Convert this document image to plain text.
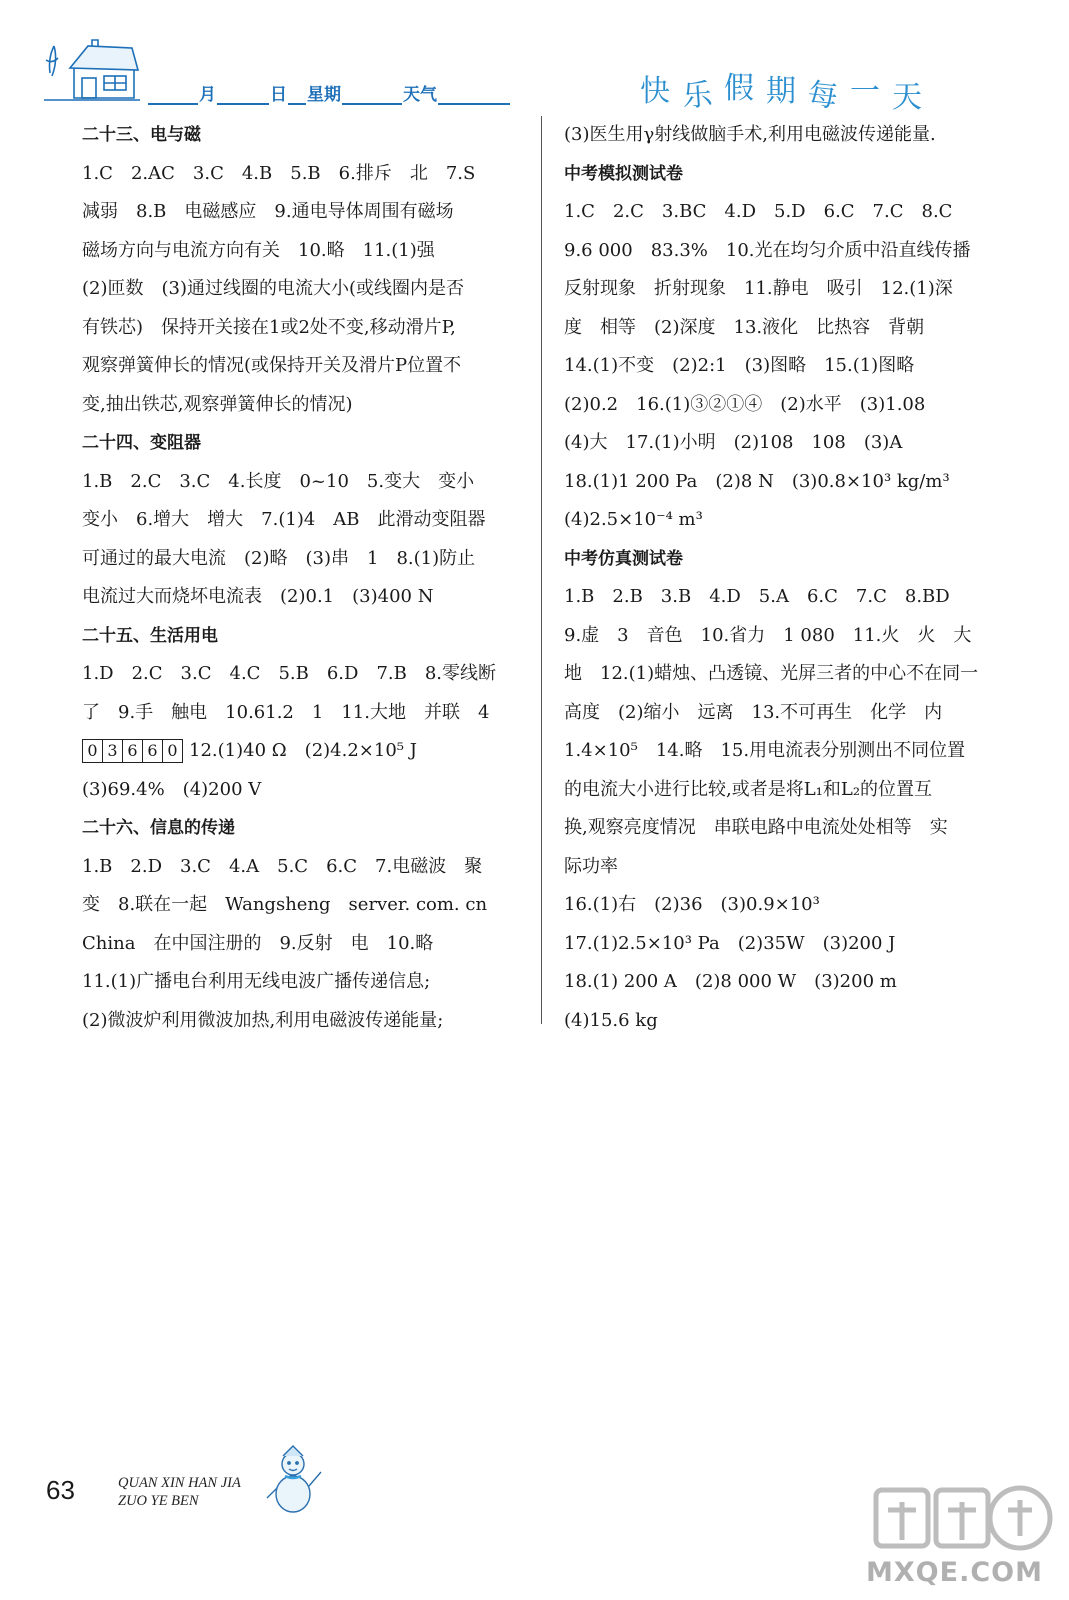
月	日 星期	天气	快乐假期每一天
二十三、电与磁
1.C　2.AC　3.C　4.B　5.B　6.排斥　北　7.S
减弱　8.B　电磁感应　9.通电导体周围有磁场
磁场方向与电流方向有关　10.略　11.(1)强
(2)匝数　(3)通过线圈的电流大小(或线圈内是否
有铁芯)　保持开关接在1或2处不变,移动滑片P,
观察弹簧伸长的情况(或保持开关及滑片P位置不
变,抽出铁芯,观察弹簧伸长的情况)
二十四、变阻器
1.B　2.C　3.C　4.长度　0~10　5.变大　变小
变小　6.增大　增大　7.(1)4　AB　此滑动变阻器
可通过的最大电流　(2)略　(3)串　1　8.(1)防止
电流过大而烧坏电流表　(2)0.1　(3)400 N
二十五、生活用电
1.D　2.C　3.C　4.C　5.B　6.D　7.B　8.零线断
了　9.手　触电　10.61.2　1　11.大地　并联　4
0 3 6 6 0 12.(1)40 Ω　(2)4.2×10⁵ J
(3)69.4%　(4)200 V
二十六、信息的传递
1.B　2.D　3.C　4.A　5.C　6.C　7.电磁波　聚
变　8.联在一起　Wangsheng　server. com. cn
China　在中国注册的　9.反射　电　10.略
11.(1)广播电台利用无线电波广播传递信息;
(2)微波炉利用微波加热,利用电磁波传递能量;
(3)医生用γ射线做脑手术,利用电磁波传递能量.
中考模拟测试卷
1.C　2.C　3.BC　4.D　5.D　6.C　7.C　8.C
9.6 000　83.3%　10.光在均匀介质中沿直线传播
反射现象　折射现象　11.静电　吸引　12.(1)深
度　相等　(2)深度　13.液化　比热容　背朝
14.(1)不变　(2)2:1　(3)图略　15.(1)图略
(2)0.2　16.(1)③②①④　(2)水平　(3)1.08
(4)大　17.(1)小明　(2)108　108　(3)A
18.(1)1 200 Pa　(2)8 N　(3)0.8×10³ kg/m³
(4)2.5×10⁻⁴ m³
中考仿真测试卷
1.B　2.B　3.B　4.D　5.A　6.C　7.C　8.BD
9.虚　3　音色　10.省力　1 080　11.火　火　大
地　12.(1)蜡烛、凸透镜、光屏三者的中心不在同一
高度　(2)缩小　远离　13.不可再生　化学　内
1.4×10⁵　14.略　15.用电流表分别测出不同位置
的电流大小进行比较,或者是将L₁和L₂的位置互
换,观察亮度情况　串联电路中电流处处相等　实
际功率
16.(1)右　(2)36　(3)0.9×10³
17.(1)2.5×10³ Pa　(2)35W　(3)200 J
18.(1) 200 A　(2)8 000 W　(3)200 m
(4)15.6 kg
63	QUAN XIN HAN JIA
ZUO YE BEN
MXQE.COM
